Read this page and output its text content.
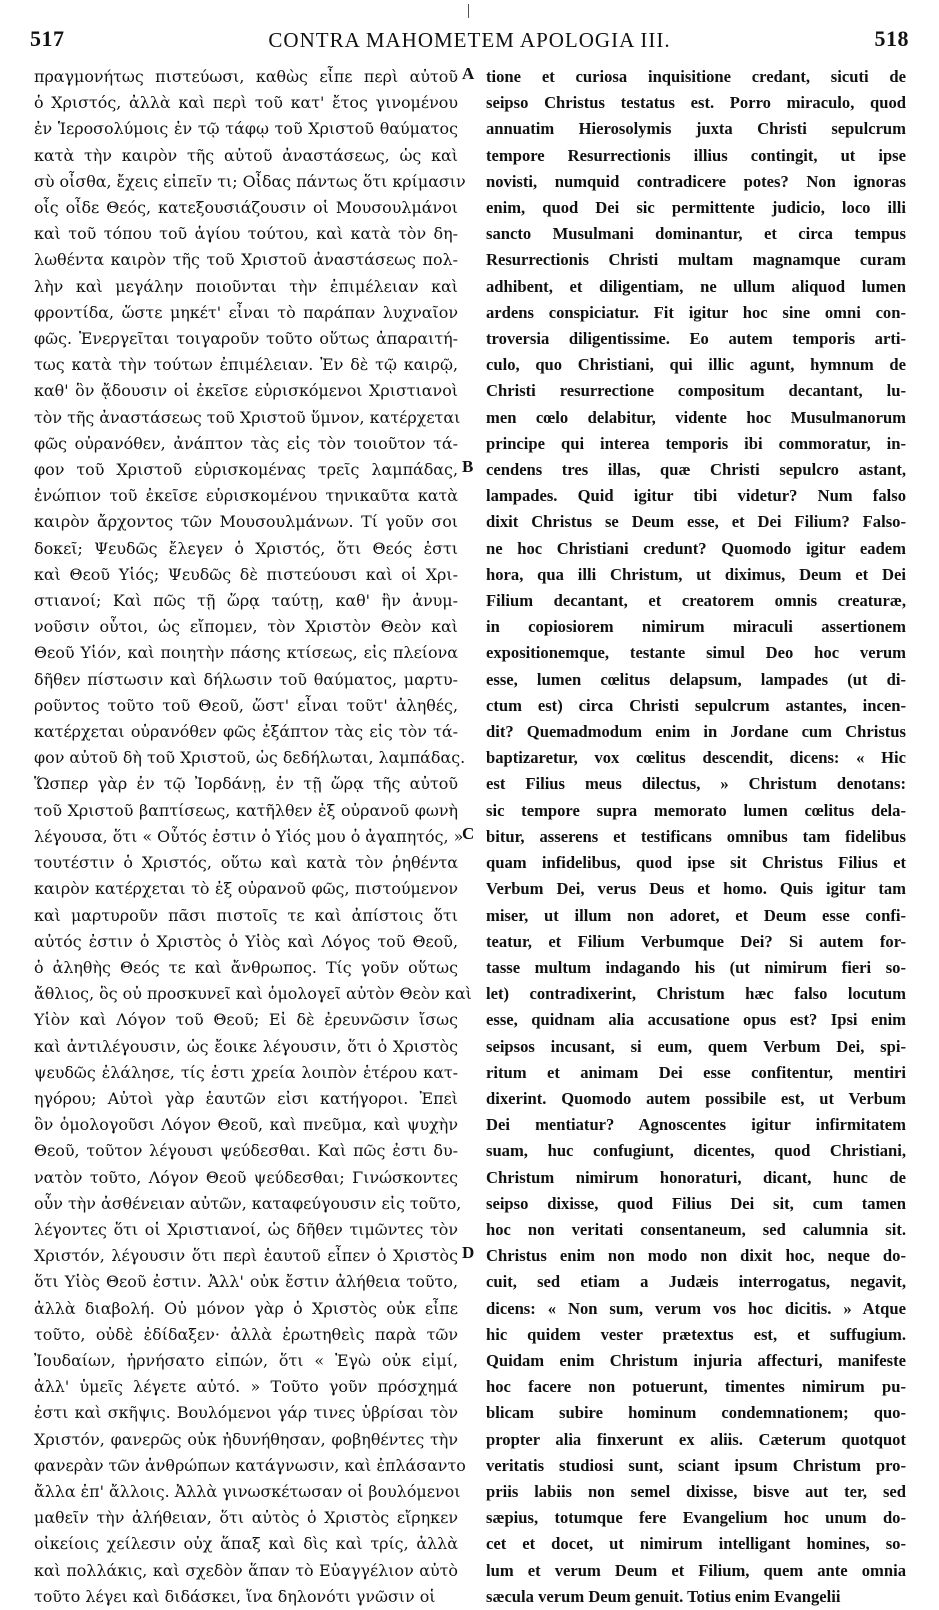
517	CONTRA MAHOMETEM APOLOGIA III.	518
πραγμονήτως πιστεύωσι, καθὼς εἶπε περὶ αὐτοῦ
ὁ Χριστός, ἀλλὰ καὶ περὶ τοῦ κατ' ἔτος γινομένου
ἐν Ἱεροσολύμοις ἐν τῷ τάφῳ τοῦ Χριστοῦ θαύματος
κατὰ τὴν καιρὸν τῆς αὐτοῦ ἀναστάσεως, ὡς καὶ
σὺ οἶσθα, ἔχεις εἰπεῖν τι; Οἶδας πάντως ὅτι κρίμασιν
οἷς οἶδε Θεός, κατεξουσιάζουσιν οἱ Μουσουλμάνοι
καὶ τοῦ τόπου τοῦ ἁγίου τούτου, καὶ κατὰ τὸν δη-
λωθέντα καιρὸν τῆς τοῦ Χριστοῦ ἀναστάσεως πολ-
λὴν καὶ μεγάλην ποιοῦνται τὴν ἐπιμέλειαν καὶ
φροντίδα, ὥστε μηκέτ' εἶναι τὸ παράπαν λυχναῖον
φῶς. Ἐνεργεῖται τοιγαροῦν τοῦτο οὕτως ἀπαραιτή-
τως κατὰ τὴν τούτων ἐπιμέλειαν. Ἐν δὲ τῷ καιρῷ,
καθ' ὃν ᾄδουσιν οἱ ἐκεῖσε εὑρισκόμενοι Χριστιανοὶ
τὸν τῆς ἀναστάσεως τοῦ Χριστοῦ ὕμνον, κατέρχεται
φῶς οὐρανόθεν, ἀνάπτον τὰς εἰς τὸν τοιοῦτον τά-
φον τοῦ Χριστοῦ εὑρισκομένας τρεῖς λαμπάδας,
ἐνώπιον τοῦ ἐκεῖσε εὑρισκομένου τηνικαῦτα κατὰ
καιρὸν ἄρχοντος τῶν Μουσουλμάνων. Τί γοῦν σοι
δοκεῖ; Ψευδῶς ἔλεγεν ὁ Χριστός, ὅτι Θεός ἐστι
καὶ Θεοῦ Υἱός; Ψευδῶς δὲ πιστεύουσι καὶ οἱ Χρι-
στιανοί; Καὶ πῶς τῇ ὥρᾳ ταύτῃ, καθ' ἣν ἀνυμ-
νοῦσιν οὗτοι, ὡς εἴπομεν, τὸν Χριστὸν Θεὸν καὶ
Θεοῦ Υἱόν, καὶ ποιητὴν πάσης κτίσεως, εἰς πλείονα
δῆθεν πίστωσιν καὶ δήλωσιν τοῦ θαύματος, μαρτυ-
ροῦντος τοῦτο τοῦ Θεοῦ, ὥστ' εἶναι τοῦτ' ἀληθές,
κατέρχεται οὐρανόθεν φῶς ἐξάπτον τὰς εἰς τὸν τά-
φον αὐτοῦ δὴ τοῦ Χριστοῦ, ὡς δεδήλωται, λαμπάδας.
Ὥσπερ γὰρ ἐν τῷ Ἰορδάνῃ, ἐν τῇ ὥρᾳ τῆς αὐτοῦ
τοῦ Χριστοῦ βαπτίσεως, κατῆλθεν ἐξ οὐρανοῦ φωνὴ
λέγουσα, ὅτι « Οὗτός ἐστιν ὁ Υἱός μου ὁ ἀγαπητός, »
τουτέστιν ὁ Χριστός, οὕτω καὶ κατὰ τὸν ῥηθέντα
καιρὸν κατέρχεται τὸ ἐξ οὐρανοῦ φῶς, πιστούμενον
καὶ μαρτυροῦν πᾶσι πιστοῖς τε καὶ ἀπίστοις ὅτι
αὐτός ἐστιν ὁ Χριστὸς ὁ Υἱὸς καὶ Λόγος τοῦ Θεοῦ,
ὁ ἀληθὴς Θεός τε καὶ ἄνθρωπος. Τίς γοῦν οὕτως
ἄθλιος, ὃς οὐ προσκυνεῖ καὶ ὁμολογεῖ αὐτὸν Θεὸν καὶ
Υἱὸν καὶ Λόγον τοῦ Θεοῦ; Εἰ δὲ ἐρευνῶσιν ἴσως
καὶ ἀντιλέγουσιν, ὡς ἔοικε λέγουσιν, ὅτι ὁ Χριστὸς
ψευδῶς ἐλάλησε, τίς ἐστι χρεία λοιπὸν ἑτέρου κατ-
ηγόρου; Αὐτοὶ γὰρ ἑαυτῶν εἰσι κατήγοροι. Ἐπεὶ
ὃν ὁμολογοῦσι Λόγον Θεοῦ, καὶ πνεῦμα, καὶ ψυχὴν
Θεοῦ, τοῦτον λέγουσι ψεύδεσθαι. Καὶ πῶς ἐστι δυ-
νατὸν τοῦτο, Λόγον Θεοῦ ψεύδεσθαι; Γινώσκοντες
οὖν τὴν ἀσθένειαν αὐτῶν, καταφεύγουσιν εἰς τοῦτο,
λέγοντες ὅτι οἱ Χριστιανοί, ὡς δῆθεν τιμῶντες τὸν
Χριστόν, λέγουσιν ὅτι περὶ ἑαυτοῦ εἶπεν ὁ Χριστὸς
ὅτι Υἱὸς Θεοῦ ἐστιν. Ἀλλ' οὐκ ἔστιν ἀλήθεια τοῦτο,
ἀλλὰ διαβολή. Οὐ μόνον γὰρ ὁ Χριστὸς οὐκ εἶπε
τοῦτο, οὐδὲ ἐδίδαξεν· ἀλλὰ ἐρωτηθεὶς παρὰ τῶν
Ἰουδαίων, ἠρνήσατο εἰπών, ὅτι « Ἐγὼ οὐκ εἰμί,
ἀλλ' ὑμεῖς λέγετε αὐτό. » Τοῦτο γοῦν πρόσχημά
ἐστι καὶ σκῆψις. Βουλόμενοι γάρ τινες ὑβρίσαι τὸν
Χριστόν, φανερῶς οὐκ ἠδυνήθησαν, φοβηθέντες τὴν
φανερὰν τῶν ἀνθρώπων κατάγνωσιν, καὶ ἐπλάσαντο
ἄλλα ἐπ' ἄλλοις. Ἀλλὰ γινωσκέτωσαν οἱ βουλόμενοι
μαθεῖν τὴν ἀλήθειαν, ὅτι αὐτὸς ὁ Χριστὸς εἴρηκεν
οἰκείοις χείλεσιν οὐχ ἅπαξ καὶ δὶς καὶ τρίς, ἀλλὰ
καὶ πολλάκις, καὶ σχεδὸν ἅπαν τὸ Εὐαγγέλιον αὐτὸ
τοῦτο λέγει καὶ διδάσκει, ἵνα δηλονότι γνῶσιν οἱ
A
B
C
D
tione et curiosa inquisitione credant, sicuti de
seipso Christus testatus est. Porro miraculo, quod
annuatim Hierosolymis juxta Christi sepulcrum
tempore Resurrectionis illius contingit, ut ipse
novisti, numquid contradicere potes? Non ignoras
enim, quod Dei sic permittente judicio, loco illi
sancto Musulmani dominantur, et circa tempus
Resurrectionis Christi multam magnamque curam
adhibent, et diligentiam, ne ullum aliquod lumen
ardens conspiciatur. Fit igitur hoc sine omni con-
troversia diligentissime. Eo autem temporis arti-
culo, quo Christiani, qui illic agunt, hymnum de
Christi resurrectione compositum decantant, lu-
men cœlo delabitur, vidente hoc Musulmanorum
principe qui interea temporis ibi commoratur, in-
cendens tres illas, quæ Christi sepulcro astant,
lampades. Quid igitur tibi videtur? Num falso
dixit Christus se Deum esse, et Dei Filium? Falso-
ne hoc Christiani credunt? Quomodo igitur eadem
hora, qua illi Christum, ut diximus, Deum et Dei
Filium decantant, et creatorem omnis creaturæ,
in copiosiorem nimirum miraculi assertionem
expositionemque, testante simul Deo hoc verum
esse, lumen cœlitus delapsum, lampades (ut di-
ctum est) circa Christi sepulcrum astantes, incen-
dit? Quemadmodum enim in Jordane cum Christus
baptizaretur, vox cœlitus descendit, dicens: « Hic
est Filius meus dilectus, » Christum denotans:
sic tempore supra memorato lumen cœlitus dela-
bitur, asserens et testificans omnibus tam fidelibus
quam infidelibus, quod ipse sit Christus Filius et
Verbum Dei, verus Deus et homo. Quis igitur tam
miser, ut illum non adoret, et Deum esse confi-
teatur, et Filium Verbumque Dei? Si autem for-
tasse multum indagando his (ut nimirum fieri so-
let) contradixerint, Christum hæc falso locutum
esse, quidnam alia accusatione opus est? Ipsi enim
seipsos incusant, si eum, quem Verbum Dei, spi-
ritum et animam Dei esse confitentur, mentiri
dixerint. Quomodo autem possibile est, ut Verbum
Dei mentiatur? Agnoscentes igitur infirmitatem
suam, huc confugiunt, dicentes, quod Christiani,
Christum nimirum honoraturi, dicant, hunc de
seipso dixisse, quod Filius Dei sit, cum tamen
hoc non veritati consentaneum, sed calumnia sit.
Christus enim non modo non dixit hoc, neque do-
cuit, sed etiam a Judæis interrogatus, negavit,
dicens: « Non sum, verum vos hoc dicitis. » Atque
hic quidem vester prætextus est, et suffugium.
Quidam enim Christum injuria affecturi, manifeste
hoc facere non potuerunt, timentes nimirum pu-
blicam subire hominum condemnationem; quo-
propter alia finxerunt ex aliis. Cæterum quotquot
veritatis studiosi sunt, sciant ipsum Christum pro-
priis labiis non semel dixisse, bisve aut ter, sed
sæpius, totumque fere Evangelium hoc unum do-
cet et docet, ut nimirum intelligant homines, so-
lum et verum Deum et Filium, quem ante omnia
sæcula verum Deum genuit. Totius enim Evangelii
